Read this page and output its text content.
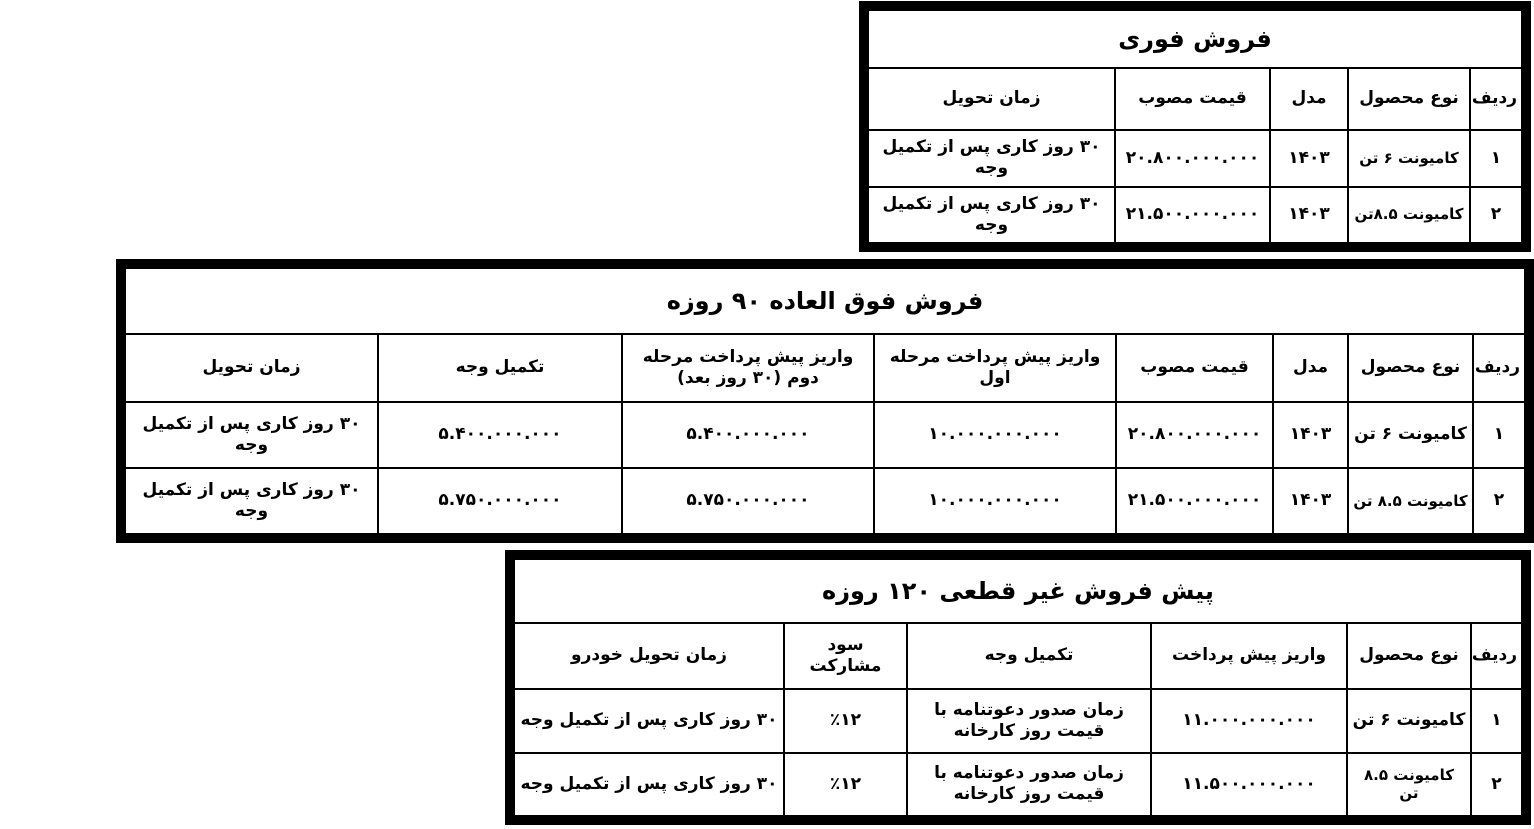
فروش فوری				
ردیف	نوع محصول	مدل	قیمت مصوب	زمان تحویل
۱	کامیونت ۶ تن	۱۴۰۳	۲۰.۸۰۰.۰۰۰.۰۰۰	۳۰ روز کاری پس از تکمیل وجه
۲	کامیونت ۸.۵تن	۱۴۰۳	۲۱.۵۰۰.۰۰۰.۰۰۰	۳۰ روز کاری پس از تکمیل وجه
فروش فوق العاده ۹۰ روزه							
ردیف	نوع محصول	مدل	قیمت مصوب	واریز پیش پرداخت مرحله اول	واریز پیش پرداخت مرحله دوم (۳۰ روز بعد)	تکمیل وجه	زمان تحویل
۱	کامیونت ۶ تن	۱۴۰۳	۲۰.۸۰۰.۰۰۰.۰۰۰	۱۰.۰۰۰.۰۰۰.۰۰۰	۵.۴۰۰.۰۰۰.۰۰۰	۵.۴۰۰.۰۰۰.۰۰۰	۳۰ روز کاری پس از تکمیل وجه
۲	کامیونت ۸.۵ تن	۱۴۰۳	۲۱.۵۰۰.۰۰۰.۰۰۰	۱۰.۰۰۰.۰۰۰.۰۰۰	۵.۷۵۰.۰۰۰.۰۰۰	۵.۷۵۰.۰۰۰.۰۰۰	۳۰ روز کاری پس از تکمیل وجه
پیش فروش غیر قطعی ۱۲۰ روزه					
ردیف	نوع محصول	واریز پیش پرداخت	تکمیل وجه	سود مشارکت	زمان تحویل خودرو
۱	کامیونت ۶ تن	۱۱.۰۰۰.۰۰۰.۰۰۰	زمان صدور دعوتنامه با قیمت روز کارخانه	٪۱۲	۳۰ روز کاری پس از تکمیل وجه
۲	کامیونت ۸.۵ تن	۱۱.۵۰۰.۰۰۰.۰۰۰	زمان صدور دعوتنامه با قیمت روز کارخانه	٪۱۲	۳۰ روز کاری پس از تکمیل وجه
